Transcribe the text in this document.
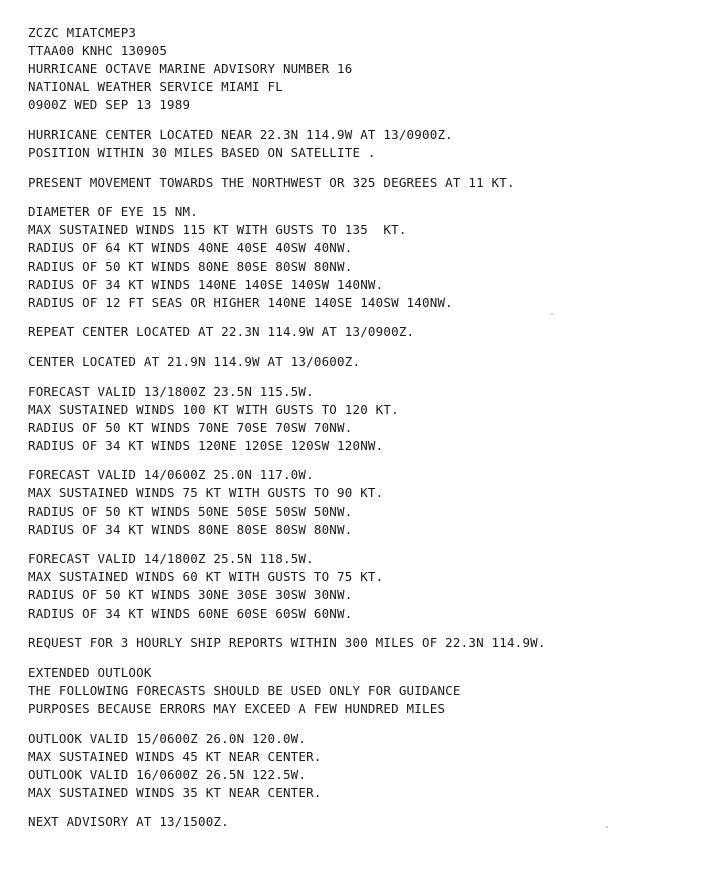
ZCZC MIATCMEP3
TTAA00 KNHC 130905
HURRICANE OCTAVE MARINE ADVISORY NUMBER 16
NATIONAL WEATHER SERVICE MIAMI FL
0900Z WED SEP 13 1989
HURRICANE CENTER LOCATED NEAR 22.3N 114.9W AT 13/0900Z.
POSITION WITHIN 30 MILES BASED ON SATELLITE .
PRESENT MOVEMENT TOWARDS THE NORTHWEST OR 325 DEGREES AT 11 KT.
DIAMETER OF EYE 15 NM.
MAX SUSTAINED WINDS 115 KT WITH GUSTS TO 135  KT.
RADIUS OF 64 KT WINDS 40NE 40SE 40SW 40NW.
RADIUS OF 50 KT WINDS 80NE 80SE 80SW 80NW.
RADIUS OF 34 KT WINDS 140NE 140SE 140SW 140NW.
RADIUS OF 12 FT SEAS OR HIGHER 140NE 140SE 140SW 140NW.
REPEAT CENTER LOCATED AT 22.3N 114.9W AT 13/0900Z.
CENTER LOCATED AT 21.9N 114.9W AT 13/0600Z.
FORECAST VALID 13/1800Z 23.5N 115.5W.
MAX SUSTAINED WINDS 100 KT WITH GUSTS TO 120 KT.
RADIUS OF 50 KT WINDS 70NE 70SE 70SW 70NW.
RADIUS OF 34 KT WINDS 120NE 120SE 120SW 120NW.
FORECAST VALID 14/0600Z 25.0N 117.0W.
MAX SUSTAINED WINDS 75 KT WITH GUSTS TO 90 KT.
RADIUS OF 50 KT WINDS 50NE 50SE 50SW 50NW.
RADIUS OF 34 KT WINDS 80NE 80SE 80SW 80NW.
FORECAST VALID 14/1800Z 25.5N 118.5W.
MAX SUSTAINED WINDS 60 KT WITH GUSTS TO 75 KT.
RADIUS OF 50 KT WINDS 30NE 30SE 30SW 30NW.
RADIUS OF 34 KT WINDS 60NE 60SE 60SW 60NW.
REQUEST FOR 3 HOURLY SHIP REPORTS WITHIN 300 MILES OF 22.3N 114.9W.
EXTENDED OUTLOOK
THE FOLLOWING FORECASTS SHOULD BE USED ONLY FOR GUIDANCE
PURPOSES BECAUSE ERRORS MAY EXCEED A FEW HUNDRED MILES
OUTLOOK VALID 15/0600Z 26.0N 120.0W.
MAX SUSTAINED WINDS 45 KT NEAR CENTER.
OUTLOOK VALID 16/0600Z 26.5N 122.5W.
MAX SUSTAINED WINDS 35 KT NEAR CENTER.
NEXT ADVISORY AT 13/1500Z.
